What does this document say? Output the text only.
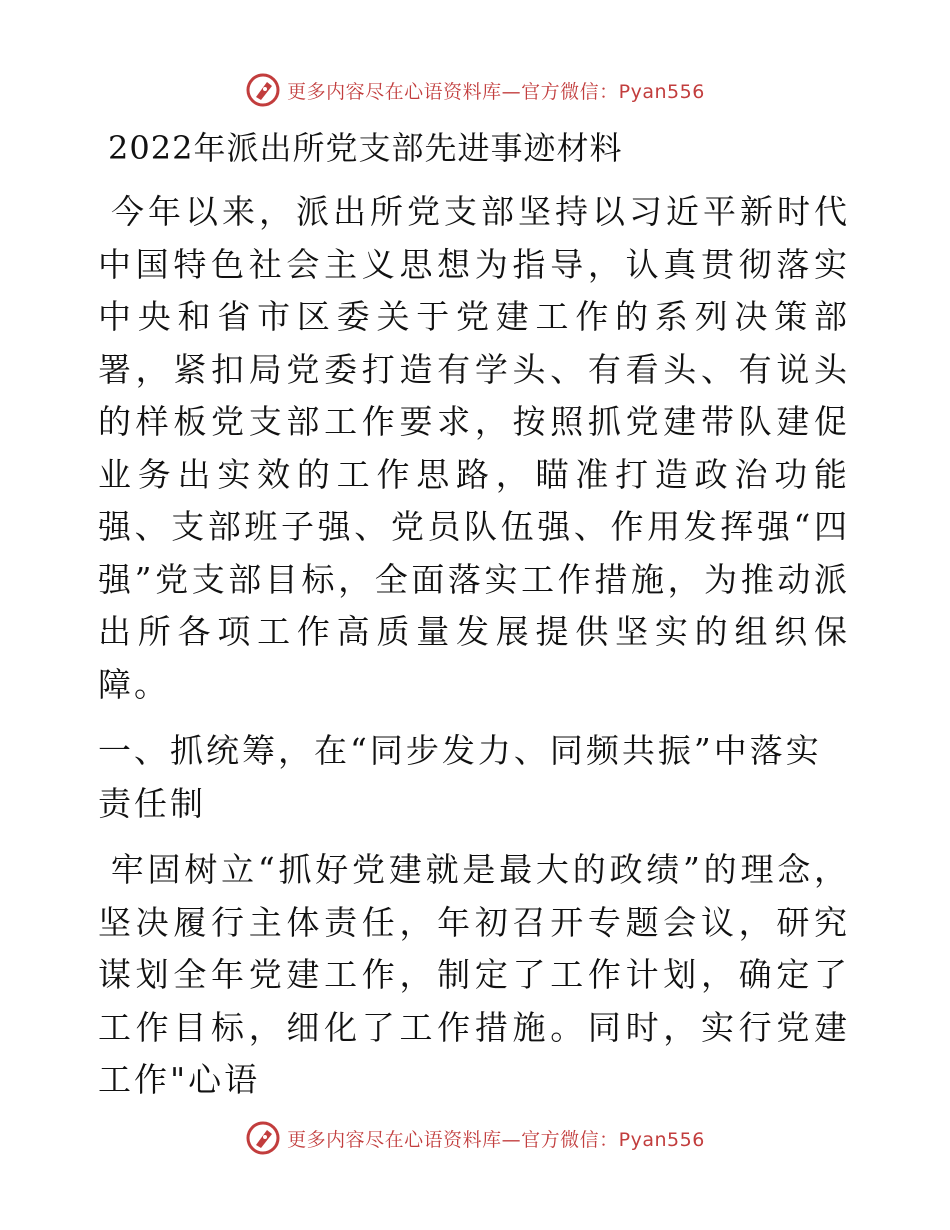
更多内容尽在心语资料库—官方微信：Pyan556
2022年派出所党支部先进事迹材料

今年以来，派出所党支部坚持以习近平新时代中国特色社会主义思想为指导，认真贯彻落实中央和省市区委关于党建工作的系列决策部署，紧扣局党委打造有学头、有看头、有说头的样板党支部工作要求，按照抓党建带队建促业务出实效的工作思路，瞄准打造政治功能强、支部班子强、党员队伍强、作用发挥强“四强”党支部目标，全面落实工作措施，为推动派出所各项工作高质量发展提供坚实的组织保障。

一、抓统筹，在“同步发力、同频共振”中落实责任制

牢固树立“抓好党建就是最大的政绩”的理念，坚决履行主体责任，年初召开专题会议，研究谋划全年党建工作，制定了工作计划，确定了工作目标，细化了工作措施。同时，实行党建工作"心语

更多内容尽在心语资料库—官方微信：Pyan556
